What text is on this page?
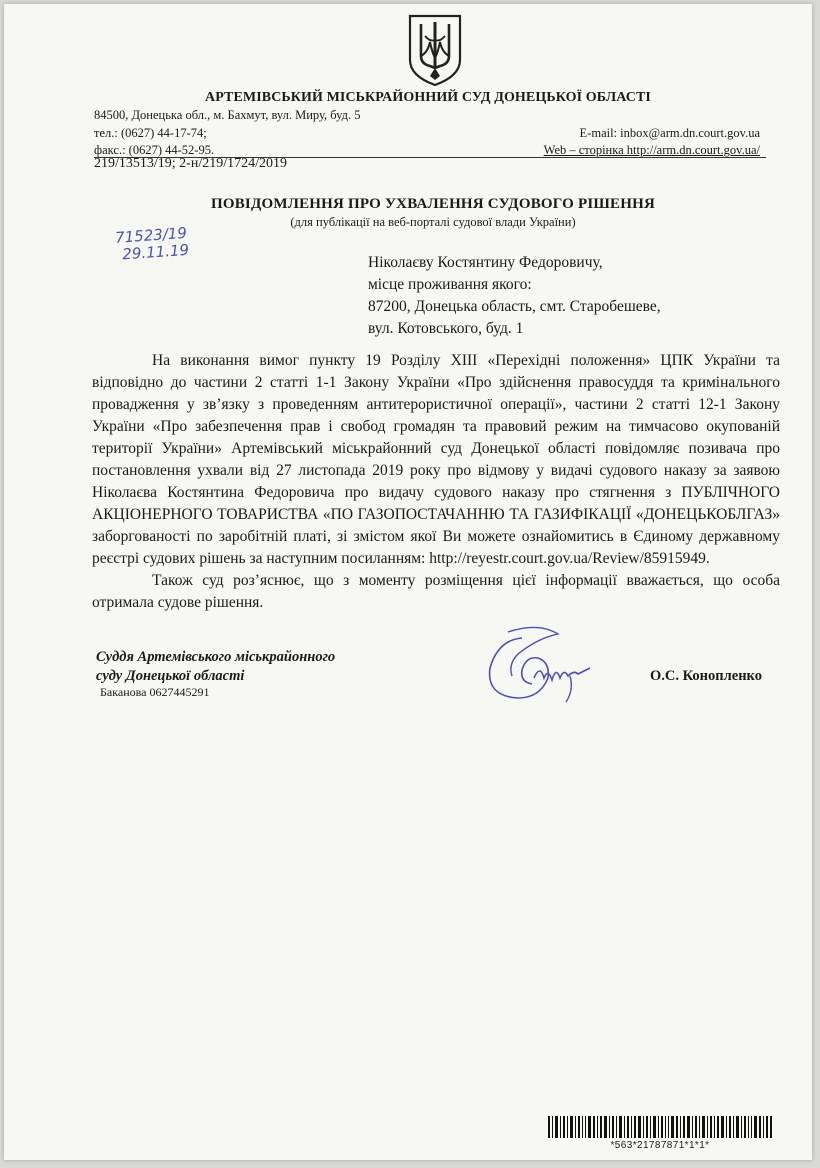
АРТЕМІВСЬКИЙ МІСЬКРАЙОННИЙ СУД ДОНЕЦЬКОЇ ОБЛАСТІ
84500, Донецька обл., м. Бахмут, вул. Миру, буд. 5
тел.: (0627) 44-17-74;	E-mail: inbox@arm.dn.court.gov.ua
факс.: (0627) 44-52-95.	Web – сторінка http://arm.dn.court.gov.ua/
219/13513/19; 2-н/219/1724/2019
ПОВІДОМЛЕННЯ ПРО УХВАЛЕННЯ СУДОВОГО РІШЕННЯ
(для публікації на веб-порталі судової влади України)
71523/19
29.11.19	Ніколаєву Костянтину Федоровичу,
місце проживання якого:
87200, Донецька область, смт. Старобешеве,
вул. Котовського, буд. 1

На виконання вимог пункту 19 Розділу XIII «Перехідні положення» ЦПК України та відповідно до частини 2 статті 1-1 Закону України «Про здійснення правосуддя та кримінального провадження у зв’язку з проведенням антитерористичної операції», частини 2 статті 12-1 Закону України «Про забезпечення прав і свобод громадян та правовий режим на тимчасово окупованій території України» Артемівський міськрайонний суд Донецької області повідомляє позивача про постановлення ухвали від 27 листопада 2019 року про відмову у видачі судового наказу за заявою Ніколаєва Костянтина Федоровича про видачу судового наказу про стягнення з ПУБЛІЧНОГО АКЦІОНЕРНОГО ТОВАРИСТВА «ПО ГАЗОПОСТАЧАННЮ ТА ГАЗИФІКАЦІЇ «ДОНЕЦЬКОБЛГАЗ» заборгованості по заробітній платі, зі змістом якої Ви можете ознайомитись в Єдиному державному реєстрі судових рішень за наступним посиланням: http://reyestr.court.gov.ua/Review/85915949.

Також суд роз’яснює, що з моменту розміщення цієї інформації вважається, що особа отримала судове рішення.

Суддя Артемівського міськрайонного
суду Донецької області
Баканова 0627445291
О.С. Конопленко
*563*21787871*1*1*
